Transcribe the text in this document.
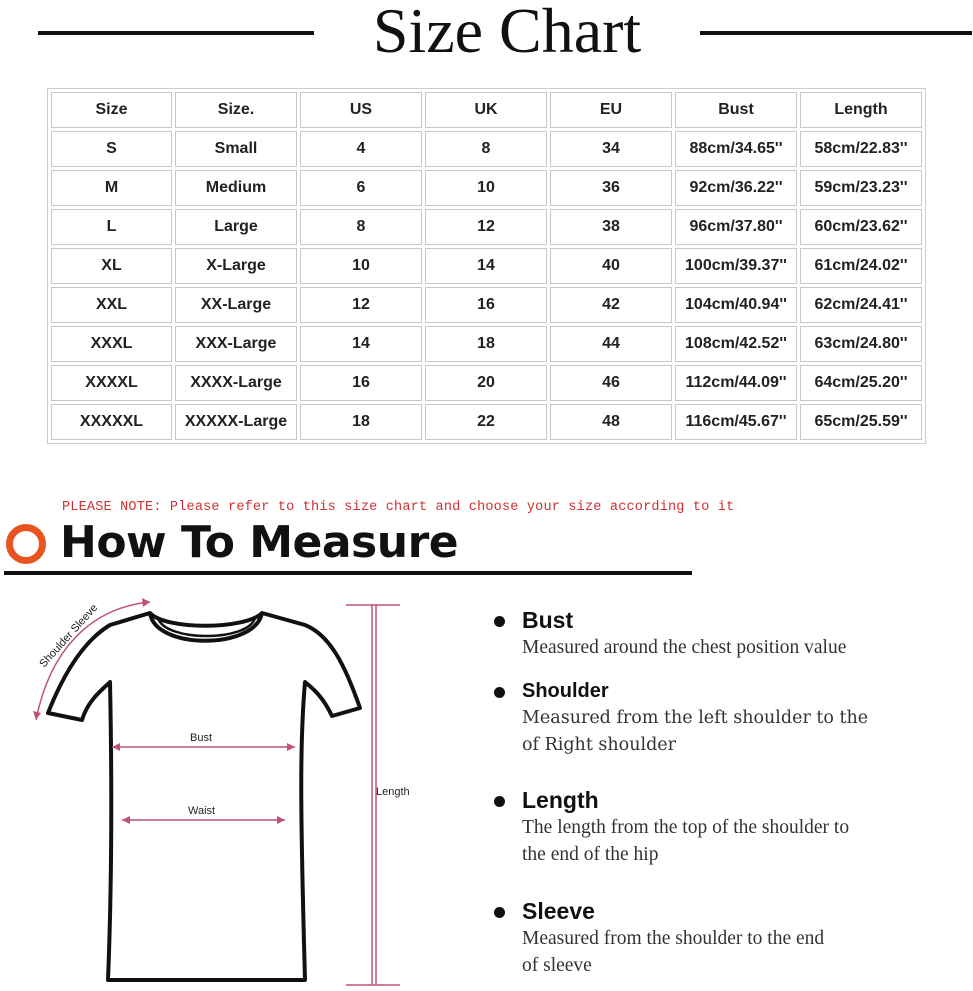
Size Chart
Size	Size.	US	UK	EU	Bust	Length
S	Small	4	8	34	88cm/34.65''	58cm/22.83''
M	Medium	6	10	36	92cm/36.22''	59cm/23.23''
L	Large	8	12	38	96cm/37.80''	60cm/23.62''
XL	X-Large	10	14	40	100cm/39.37''	61cm/24.02''
XXL	XX-Large	12	16	42	104cm/40.94''	62cm/24.41''
XXXL	XXX-Large	14	18	44	108cm/42.52''	63cm/24.80''
XXXXL	XXXX-Large	16	20	46	112cm/44.09''	64cm/25.20''
XXXXXL	XXXXX-Large	18	22	48	116cm/45.67''	65cm/25.59''
PLEASE NOTE: Please refer to this size chart and choose your size according to it
How To Measure
Shoulder Sleeve
Bust
Waist
Length
Bust
Measured around the chest position value
Shoulder
Measured from the left shoulder to the
of Right shoulder
Length
The length from the top of the shoulder to
the end of the hip
Sleeve
Measured from the shoulder to the end
of sleeve
